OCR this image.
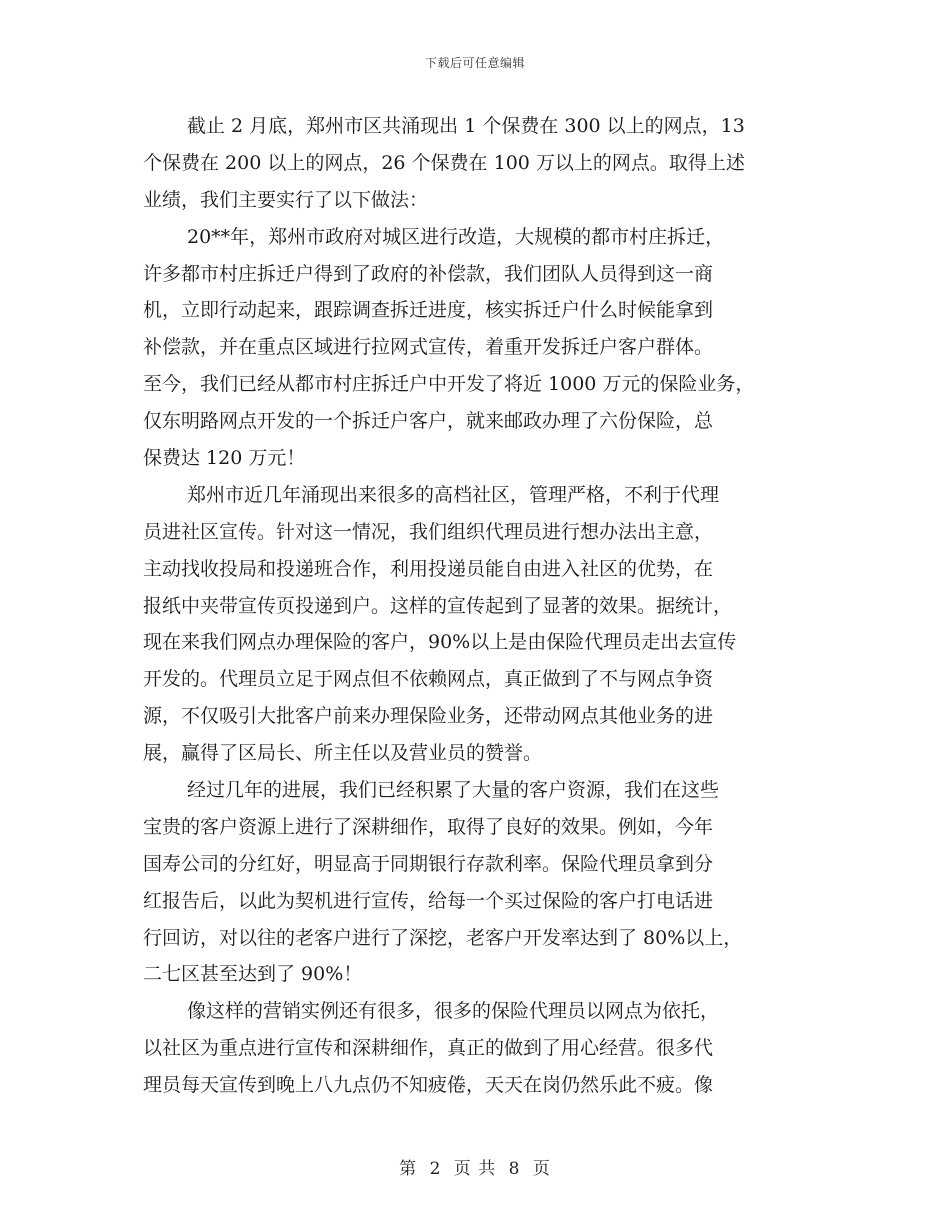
下载后可任意编辑
截止 2 月底，郑州市区共涌现出 1 个保费在 300 以上的网点，13
个保费在 200 以上的网点，26 个保费在 100 万以上的网点。取得上述
业绩，我们主要实行了以下做法：
20**年，郑州市政府对城区进行改造，大规模的都市村庄拆迁，
许多都市村庄拆迁户得到了政府的补偿款，我们团队人员得到这一商
机，立即行动起来，跟踪调查拆迁进度，核实拆迁户什么时候能拿到
补偿款，并在重点区域进行拉网式宣传，着重开发拆迁户客户群体。
至今，我们已经从都市村庄拆迁户中开发了将近 1000 万元的保险业务，
仅东明路网点开发的一个拆迁户客户，就来邮政办理了六份保险，总
保费达 120 万元！
郑州市近几年涌现出来很多的高档社区，管理严格，不利于代理
员进社区宣传。针对这一情况，我们组织代理员进行想办法出主意，
主动找收投局和投递班合作，利用投递员能自由进入社区的优势，在
报纸中夹带宣传页投递到户。这样的宣传起到了显著的效果。据统计，
现在来我们网点办理保险的客户，90%以上是由保险代理员走出去宣传
开发的。代理员立足于网点但不依赖网点，真正做到了不与网点争资
源，不仅吸引大批客户前来办理保险业务，还带动网点其他业务的进
展，赢得了区局长、所主任以及营业员的赞誉。
经过几年的进展，我们已经积累了大量的客户资源，我们在这些
宝贵的客户资源上进行了深耕细作，取得了良好的效果。例如，今年
国寿公司的分红好，明显高于同期银行存款利率。保险代理员拿到分
红报告后，以此为契机进行宣传，给每一个买过保险的客户打电话进
行回访，对以往的老客户进行了深挖，老客户开发率达到了 80%以上，
二七区甚至达到了 90%！
像这样的营销实例还有很多，很多的保险代理员以网点为依托，
以社区为重点进行宣传和深耕细作，真正的做到了用心经营。很多代
理员每天宣传到晚上八九点仍不知疲倦，天天在岗仍然乐此不疲。像
第 2 页 共 8 页
